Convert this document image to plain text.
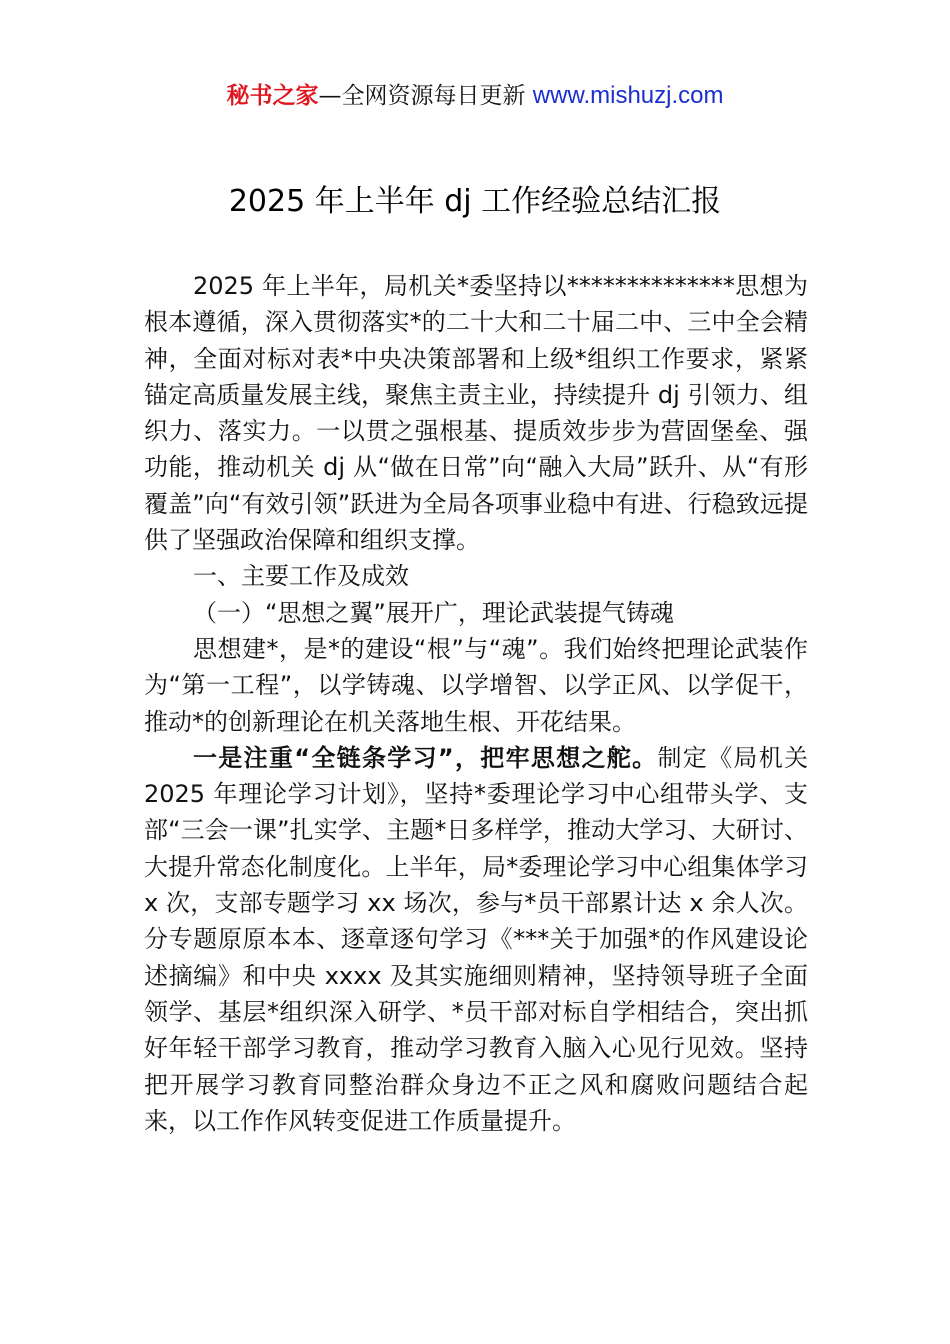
秘书之家—全网资源每日更新 www.mishuzj.com
2025 年上半年 dj 工作经验总结汇报

2025 年上半年，局机关*委坚持以**************思想为根本遵循，深入贯彻落实*的二十大和二十届二中、三中全会精神，全面对标对表*中央决策部署和上级*组织工作要求，紧紧锚定高质量发展主线，聚焦主责主业，持续提升 dj 引领力、组织力、落实力。一以贯之强根基、提质效步步为营固堡垒、强功能，推动机关 dj 从“做在日常”向“融入大局”跃升、从“有形覆盖”向“有效引领”跃进为全局各项事业稳中有进、行稳致远提供了坚强政治保障和组织支撑。

一、主要工作及成效

（一）“思想之翼”展开广，理论武装提气铸魂

思想建*，是*的建设“根”与“魂”。我们始终把理论武装作为“第一工程”，以学铸魂、以学增智、以学正风、以学促干，推动*的创新理论在机关落地生根、开花结果。

一是注重“全链条学习”，把牢思想之舵。制定《局机关 2025 年理论学习计划》，坚持*委理论学习中心组带头学、支部“三会一课”扎实学、主题*日多样学，推动大学习、大研讨、大提升常态化制度化。上半年，局*委理论学习中心组集体学习 x 次，支部专题学习 xx 场次，参与*员干部累计达 x 余人次。分专题原原本本、逐章逐句学习《***关于加强*的作风建设论述摘编》和中央 xxxx 及其实施细则精神，坚持领导班子全面领学、基层*组织深入研学、*员干部对标自学相结合，突出抓好年轻干部学习教育，推动学习教育入脑入心见行见效。坚持把开展学习教育同整治群众身边不正之风和腐败问题结合起来，以工作作风转变促进工作质量提升。
